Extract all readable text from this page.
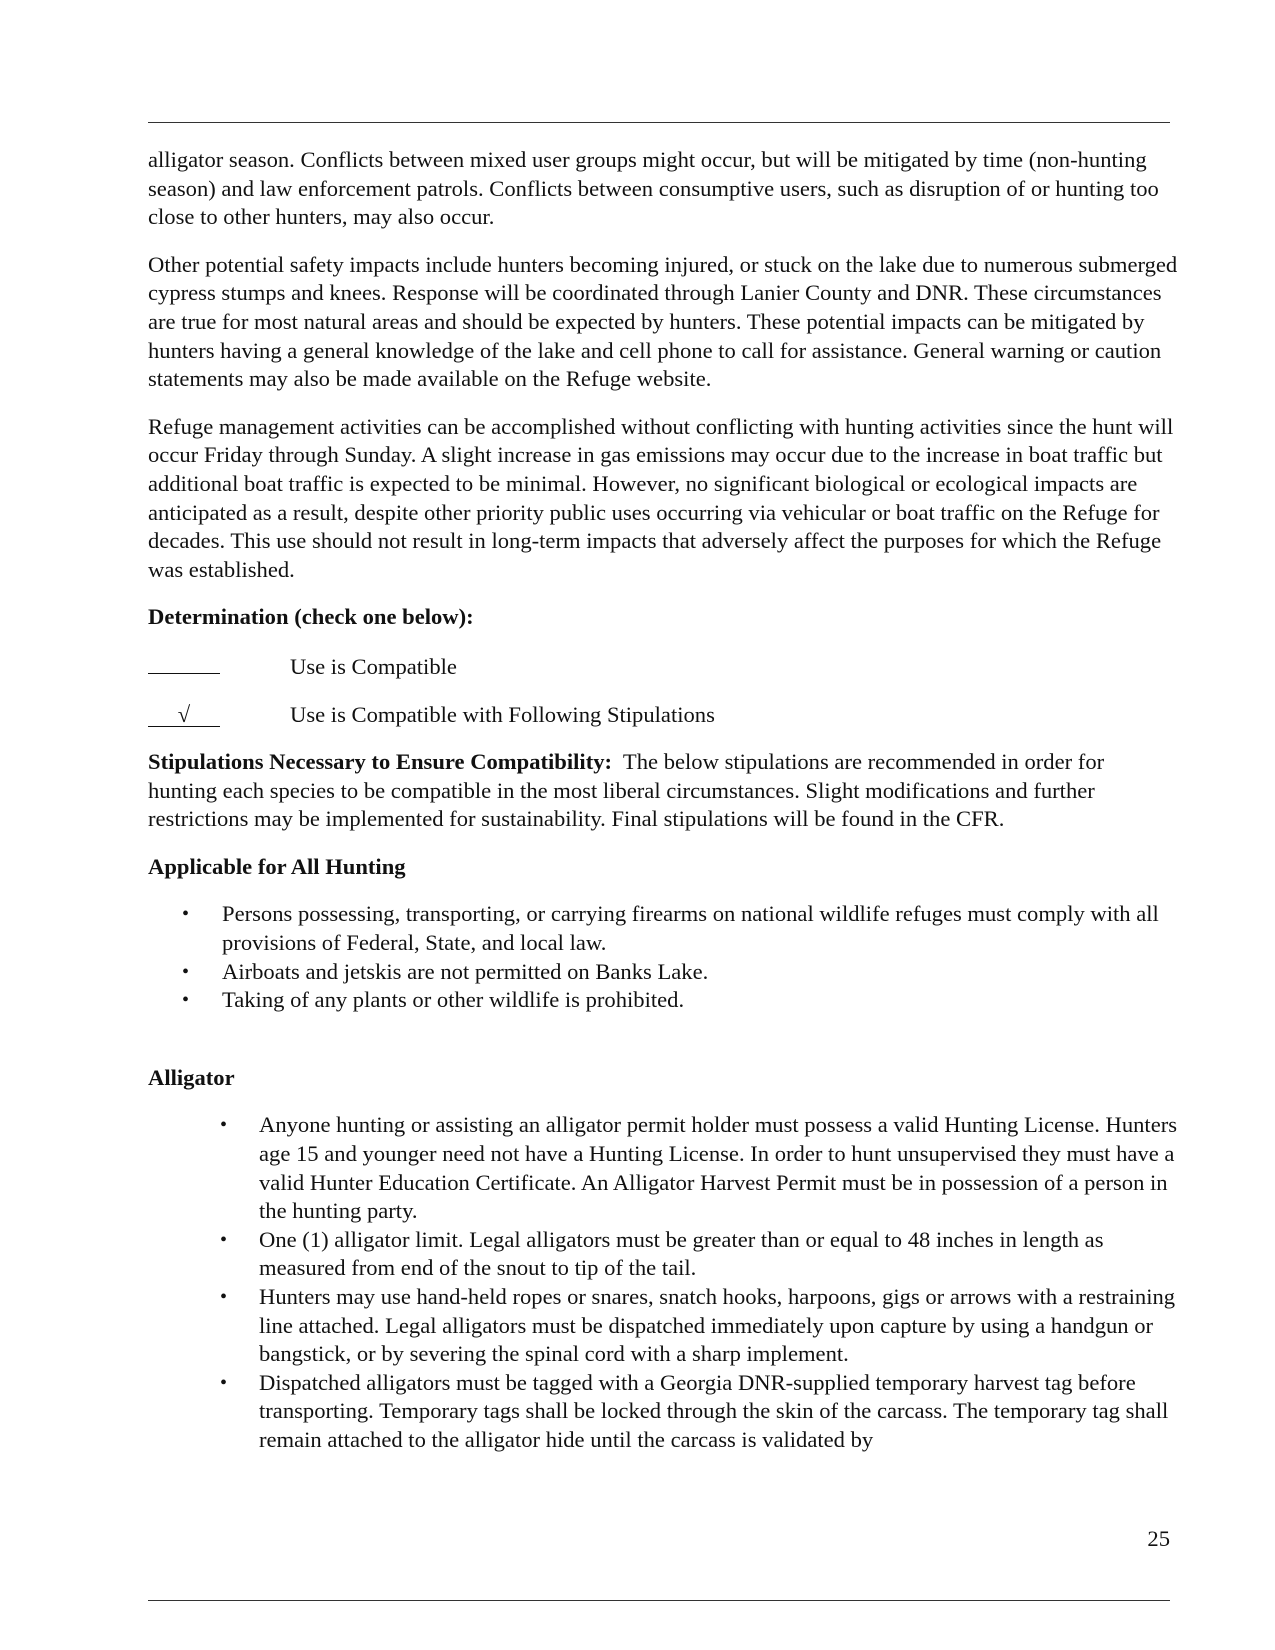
alligator season. Conflicts between mixed user groups might occur, but will be mitigated by time (non-hunting season) and law enforcement patrols. Conflicts between consumptive users, such as disruption of or hunting too close to other hunters, may also occur.

Other potential safety impacts include hunters becoming injured, or stuck on the lake due to numerous submerged cypress stumps and knees. Response will be coordinated through Lanier County and DNR. These circumstances are true for most natural areas and should be expected by hunters. These potential impacts can be mitigated by hunters having a general knowledge of the lake and cell phone to call for assistance. General warning or caution statements may also be made available on the Refuge website.

Refuge management activities can be accomplished without conflicting with hunting activities since the hunt will occur Friday through Sunday. A slight increase in gas emissions may occur due to the increase in boat traffic but additional boat traffic is expected to be minimal. However, no significant biological or ecological impacts are anticipated as a result, despite other priority public uses occurring via vehicular or boat traffic on the Refuge for decades. This use should not result in long-term impacts that adversely affect the purposes for which the Refuge was established.

Determination (check one below):

Use is Compatible
√	Use is Compatible with Following Stipulations

Stipulations Necessary to Ensure Compatibility:  The below stipulations are recommended in order for hunting each species to be compatible in the most liberal circumstances. Slight modifications and further restrictions may be implemented for sustainability. Final stipulations will be found in the CFR.

Applicable for All Hunting

• Persons possessing, transporting, or carrying firearms on national wildlife refuges must comply with all provisions of Federal, State, and local law.
• Airboats and jetskis are not permitted on Banks Lake.
• Taking of any plants or other wildlife is prohibited.

Alligator

• Anyone hunting or assisting an alligator permit holder must possess a valid Hunting License. Hunters age 15 and younger need not have a Hunting License. In order to hunt unsupervised they must have a valid Hunter Education Certificate. An Alligator Harvest Permit must be in possession of a person in the hunting party.
• One (1) alligator limit. Legal alligators must be greater than or equal to 48 inches in length as measured from end of the snout to tip of the tail.
• Hunters may use hand-held ropes or snares, snatch hooks, harpoons, gigs or arrows with a restraining line attached. Legal alligators must be dispatched immediately upon capture by using a handgun or bangstick, or by severing the spinal cord with a sharp implement.
• Dispatched alligators must be tagged with a Georgia DNR-supplied temporary harvest tag before transporting. Temporary tags shall be locked through the skin of the carcass. The temporary tag shall remain attached to the alligator hide until the carcass is validated by
25
